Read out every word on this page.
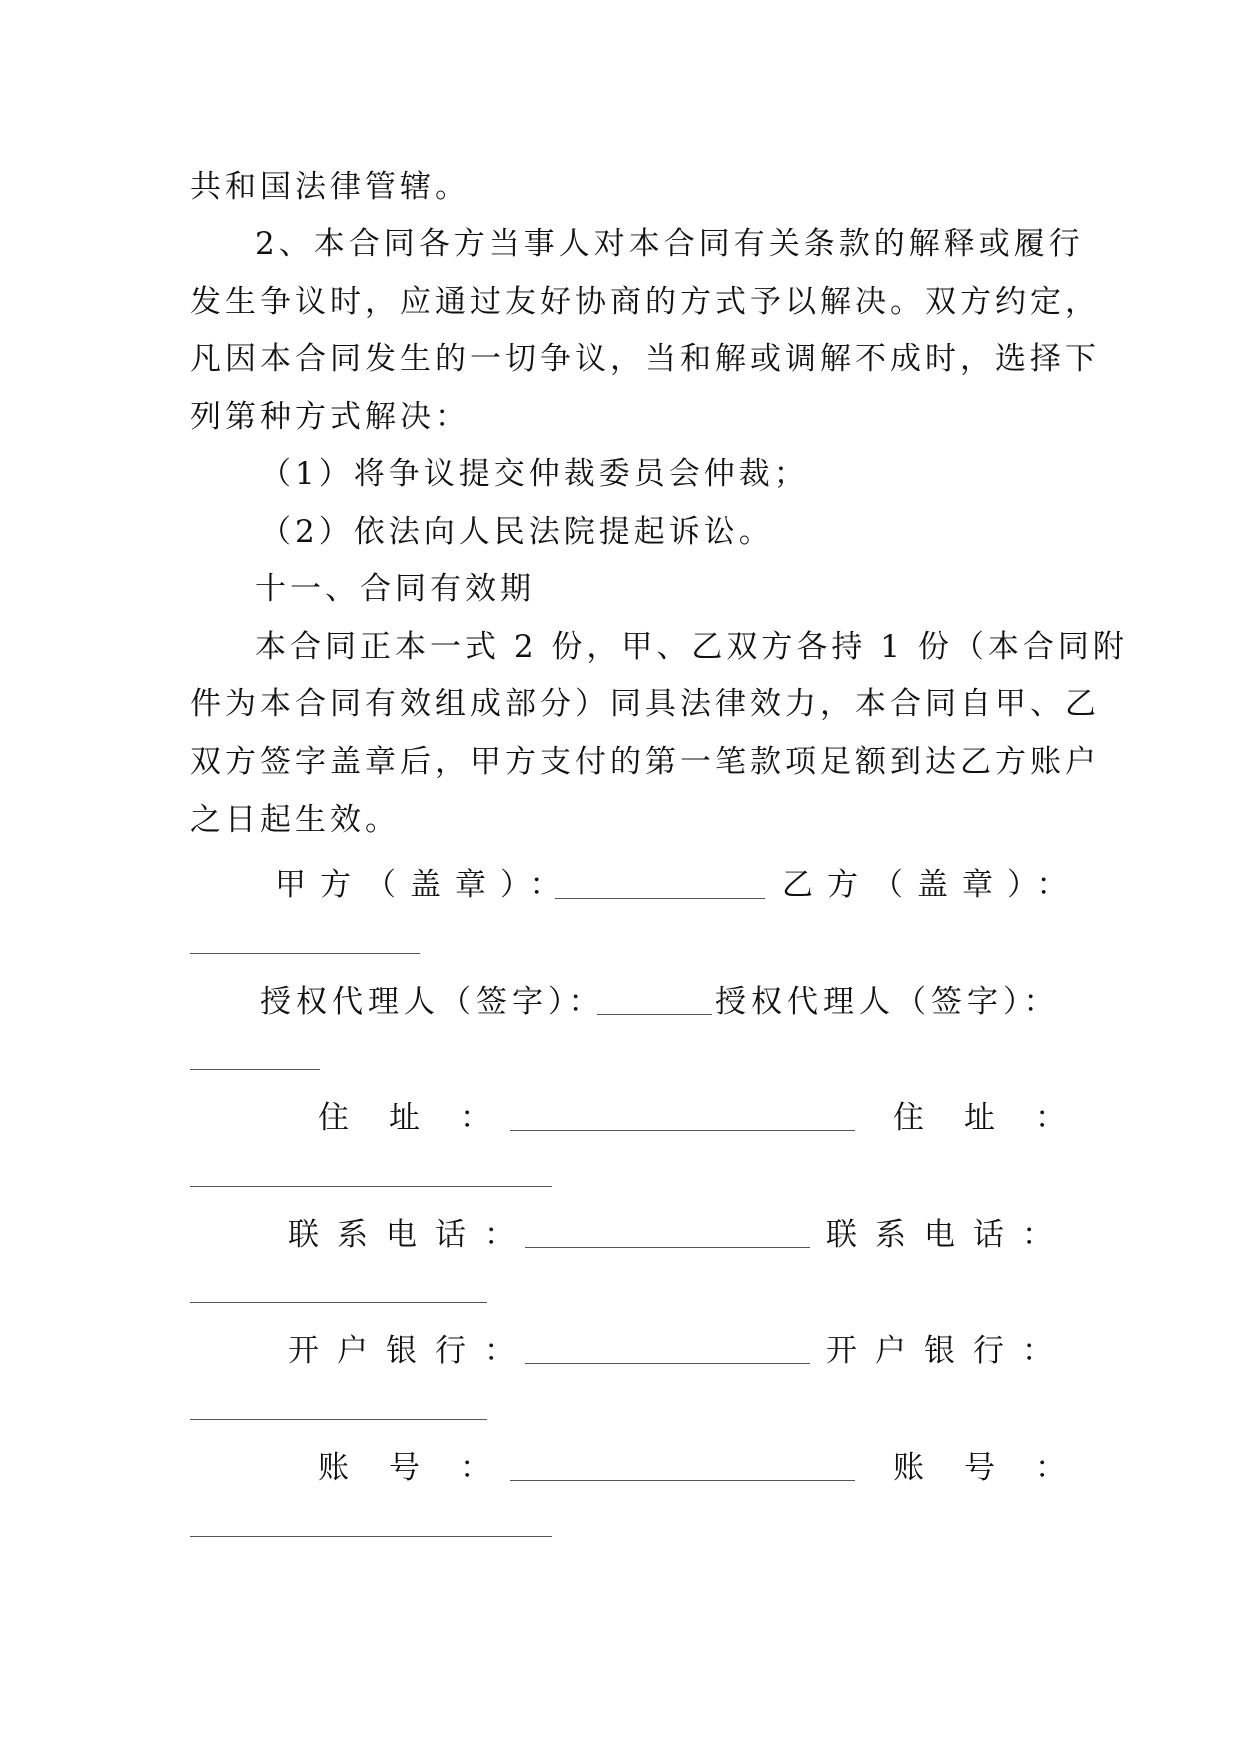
共和国法律管辖。
2、本合同各方当事人对本合同有关条款的解释或履行
发生争议时，应通过友好协商的方式予以解决。双方约定，
凡因本合同发生的一切争议，当和解或调解不成时，选择下
列第种方式解决：
（1）将争议提交仲裁委员会仲裁；
（2）依法向人民法院提起诉讼。
十一、合同有效期
本合同正本一式 2 份，甲、乙双方各持 1 份（本合同附
件为本合同有效组成部分）同具法律效力，本合同自甲、乙
双方签字盖章后，甲方支付的第一笔款项足额到达乙方账户
之日起生效。
甲方（盖章）：	乙方（盖章）：
授权代理人（签字）：	授权代理人（签字）：
住址：	住址：
联系电话：	联系电话：
开户银行：	开户银行：
账号：	账号：
